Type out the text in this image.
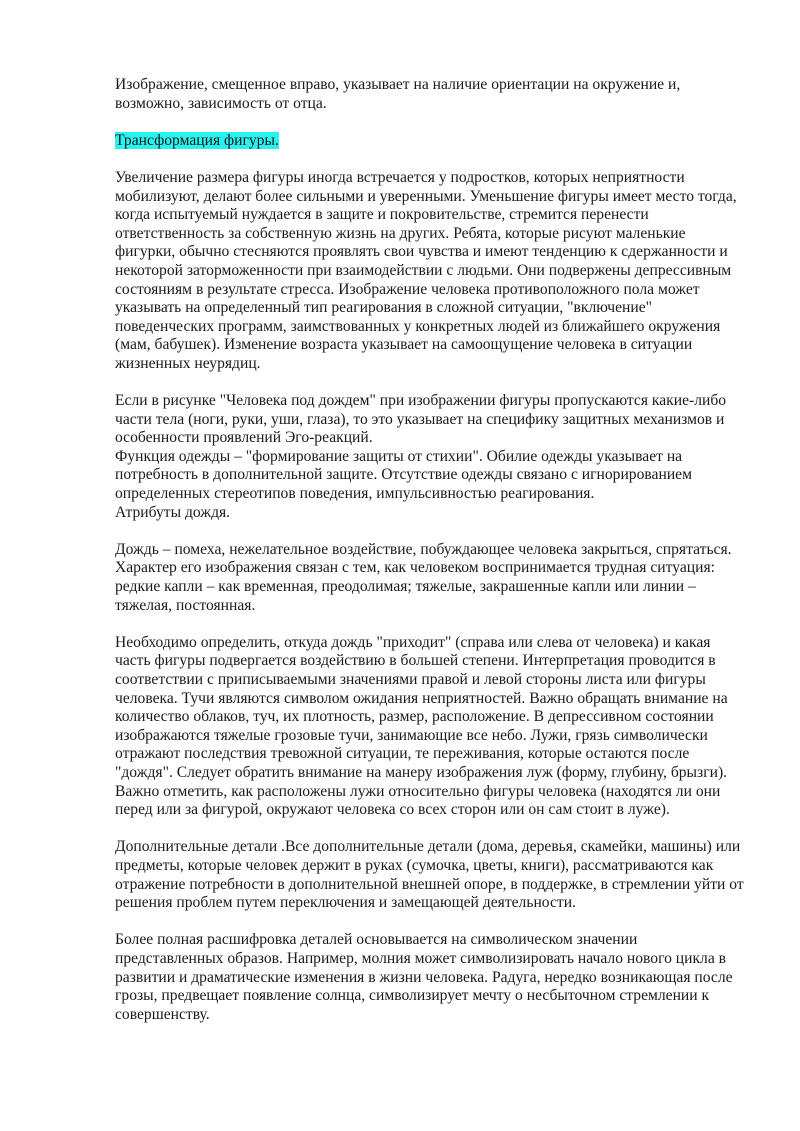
Изображение, смещенное вправо, указывает на наличие ориентации на окружение и, возможно, зависимость от отца.

Трансформация фигуры.

Увеличение размера фигуры иногда встречается у подростков, которых неприятности мобилизуют, делают более сильными и уверенными. Уменьшение фигуры имеет место тогда, когда испытуемый нуждается в защите и покровительстве, стремится перенести ответственность за собственную жизнь на других. Ребята, которые рисуют маленькие фигурки, обычно стесняются проявлять свои чувства и имеют тенденцию к сдержанности и некоторой заторможенности при взаимодействии с людьми. Они подвержены депрессивным состояниям в результате стресса. Изображение человека противоположного пола может указывать на определенный тип реагирования в сложной ситуации, "включение" поведенческих программ, заимствованных у конкретных людей из ближайшего окружения (мам, бабушек). Изменение возраста указывает на самоощущение человека в ситуации жизненных неурядиц.

Если в рисунке "Человека под дождем" при изображении фигуры пропускаются какие-либо части тела (ноги, руки, уши, глаза), то это указывает на специфику защитных механизмов и особенности проявлений Эго-реакций.

Функция одежды – "формирование защиты от стихии". Обилие одежды указывает на потребность в дополнительной защите. Отсутствие одежды связано с игнорированием определенных стереотипов поведения, импульсивностью реагирования.

Атрибуты дождя.

Дождь – помеха, нежелательное воздействие, побуждающее человека закрыться, спрятаться. Характер его изображения связан с тем, как человеком воспринимается трудная ситуация: редкие капли – как временная, преодолимая; тяжелые, закрашенные капли или линии – тяжелая, постоянная.

Необходимо определить, откуда дождь "приходит" (справа или слева от человека) и какая часть фигуры подвергается воздействию в большей степени. Интерпретация проводится в соответствии с приписываемыми значениями правой и левой стороны листа или фигуры человека. Тучи являются символом ожидания неприятностей. Важно обращать внимание на количество облаков, туч, их плотность, размер, расположение. В депрессивном состоянии изображаются тяжелые грозовые тучи, занимающие все небо. Лужи, грязь символически отражают последствия тревожной ситуации, те переживания, которые остаются после "дождя". Следует обратить внимание на манеру изображения луж (форму, глубину, брызги). Важно отметить, как расположены лужи относительно фигуры человека (находятся ли они перед или за фигурой, окружают человека со всех сторон или он сам стоит в луже).

Дополнительные детали .Все дополнительные детали (дома, деревья, скамейки, машины) или предметы, которые человек держит в руках (сумочка, цветы, книги), рассматриваются как отражение потребности в дополнительной внешней опоре, в поддержке, в стремлении уйти от решения проблем путем переключения и замещающей деятельности.

Более полная расшифровка деталей основывается на символическом значении представленных образов. Например, молния может символизировать начало нового цикла в развитии и драматические изменения в жизни человека. Радуга, нередко возникающая после грозы, предвещает появление солнца, символизирует мечту о несбыточном стремлении к совершенству.
